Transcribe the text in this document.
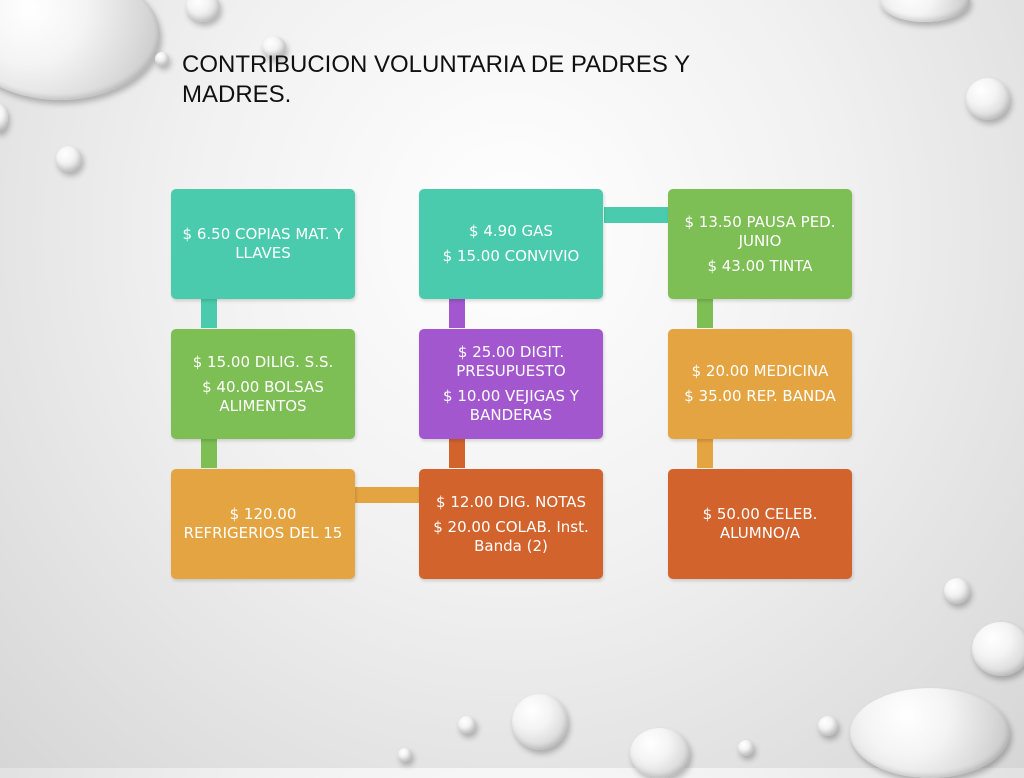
CONTRIBUCION VOLUNTARIA DE PADRES Y MADRES.
$ 6.50 COPIAS MAT. Y LLAVES
$ 15.00 DILIG. S.S.
$ 40.00 BOLSAS ALIMENTOS
$ 120.00 REFRIGERIOS DEL 15
$ 4.90 GAS
$ 15.00 CONVIVIO
$ 25.00 DIGIT. PRESUPUESTO
$ 10.00 VEJIGAS Y BANDERAS
$ 12.00 DIG. NOTAS
$ 20.00 COLAB. Inst. Banda (2)
$ 13.50 PAUSA PED. JUNIO
$ 43.00 TINTA
$ 20.00 MEDICINA
$ 35.00 REP. BANDA
$ 50.00 CELEB. ALUMNO/A
